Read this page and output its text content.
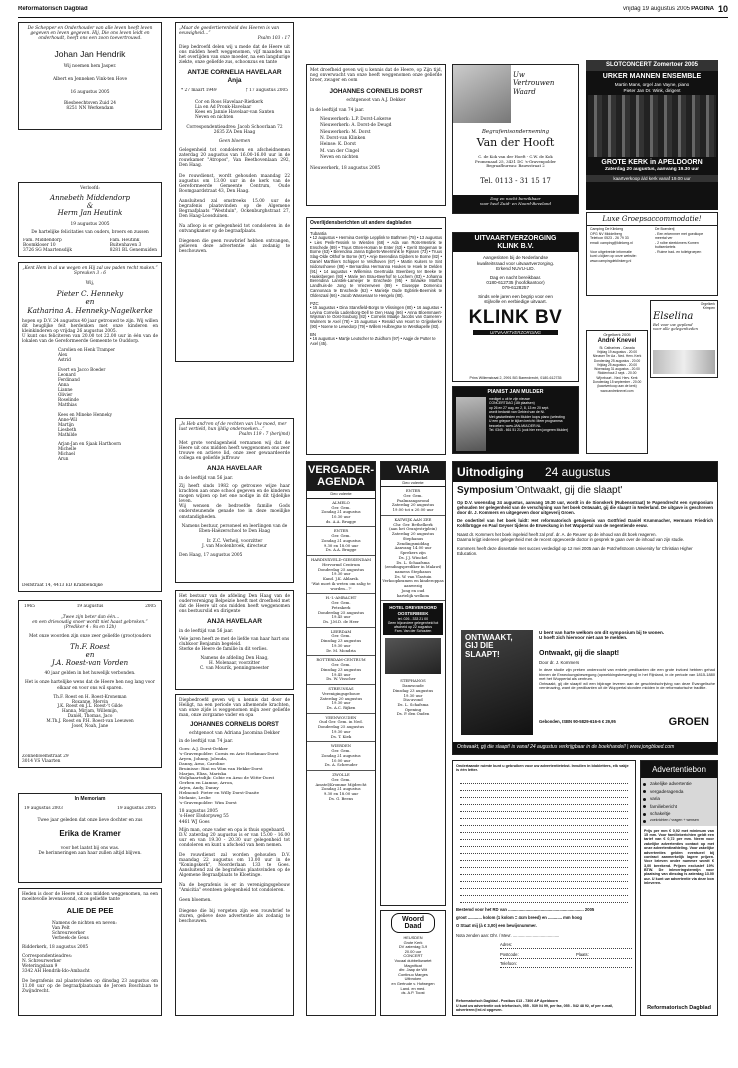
Reformatorisch Dagblad	vrijdag 19 augustus 2005 PAGINA 10
De Schepper en Onderhouder van alle leven heeft leven gegeven en leven gegeven. Hij, Die ons leven leidt en onderhoudt, heeft ons een zoon toevertrouwd.
Johan Jan Hendrik
Wij noemen hem Jasper.
Albert en Jenneken Vink-ten Hove
16 augustus 2005
Biesbeechtsven Zuid 24
8251 NN Werkendam
Verloofd:
Annebeth Middendorp
&
Herm Jan Heutink
19 augustus 2005
De hartelijke felicitaties van ouders, broers en zussen
Fam. Middendorp
Boomkloser 10
3726 SG Maartensdijk
Fam. Heutink
Buitenhaven 3
8281 BL Genemuiden
„Kent Hem in al uw wegen en Hij zal uw paden recht maken.” Spreuken 3 : 6
Wij,
Pieter C. Henneky
en
Katharina A. Henneky-Nagelkerke
hopen op D.V. 24 augustus 40 jaar getrouwd te zijn. Wij willen dit heuglijke feit herdenken met onze kinderen en kleinkinderen op vrijdag 26 augustus 2005.
U kunt ons feliciteren van 20.00 tot 22.00 uur in één van de lokalen van de Gereformeerde Gemeente te Ouddorp.
Carolien en Henk Tramper
Alex
Astrid

Evert en Jacco Boeder
Leonard
Ferdinand
Anna
Lianne
Olivier
Roselinde
Matthias

Kees en Mineke Henneky
Anne-Wil
Martijn
Liesbeth
Mathilde

Arjan-Jan en Sjaak Harthoorn
Michelle
Michael
Arun
Delfstraat 14, 4413 ED Krabbendijke
1965	19 augustus	2005
„Twee zijn beter dan één…
en een drievoudig snoer wordt niet haast gebroken.” (Prediker 4 : 9a en 12b)
Met onze woorden zijn onze zeer geliefde (groot)ouders
Th.F. Roest
en
J.A. Roest-van Vorden
40 jaar gelden in het huwelijk verbonden.
Het is onze hartelijke wens dat de Heere hen nog lang voor elkaar en voor ons wil sparen.
Th.F. Roest en H. Roest-Kroneman
Roxanne, Mervin
J.K. Roest en J.L. Roest-'t Gilde
Hanna, Mirjam, Willemijn,
Daniël, Thomas, Jaco
M.Th.J. Roest en P.H. Roest-van Leeuwen
Josef, Noah, Jane
Zonnebloemstraat 29
3014 VS Vlaarten
In Memoriam
19 augustus 2003	19 augustus 2005
Twee jaar geleden dat onze lieve dochter en zus
Erika de Kramer
voor het laatst bij ons was.
De herinneringen aan haar zullen altijd blijven.
Heden is door de Heere uit ons midden weggenomen, na een moeitevolle levensavond, onze geliefde tante
ALIE DE PEE
Namens de nichten en neven:
Van Pelt
Schreurwerker
Verbeek-de Geus
Ridderkerk, 18 augustus 2005
Correspondentieadres:
N. Schreurwerker
Weteringslaan 9
3342 AH Hendrik-Ido-Ambacht
De begrafenis zal plaatsvinden op dinsdag 23 augustus om 11.00 uur op de begraafplaatsaan de Jeroen Boschlaan te Zwijndrecht.
„Maar de goedertierenheid des Heeren is van eeuwigheid…”
Psalm 103 : 17
Diep bedroefd delen wij u mede dat de Heere uit ons midden heeft weggenomen, vijf maanden na het overlijden van onze moeder, na een langdurige ziekte, onze geliefde zus, schoonzus en tante
ANTJE CORNELIA HAVELAAR
Anja
* 27 maart 1949	† 17 augustus 2005
Cor en Roos Havelaar-Rietkerk
Lia en Ad Pronk-Havelaar
Kees en Jannie Havelaar-van Santen
Neven en nichten
Correspondentieadres: Jacob Schoorlaan 72
2635 ZA Den Haag
Geen bloemen
Gelegenheid tot condoleren en afscheidnemen zaterdag 20 augustus van 16.00-16.00 uur in de rouwkamer "Atropos", Van Beethovenlaan 292, Den Haag.

De rouwdienst, wordt gehouden maandag 22 augustus om 13.00 uur in de kerk van de Gereformeerde Gemeente Centrum, Oude Boomgaardstraat 43, Den Haag.

Aansluitend zal omstreeks 15.00 uur de begrafenis plaatsvinden op de Algemene Begraafplaats "Westduin", Ockenburghstraat 27, Den Haag-Loosduinen.

Na afloop is er gelegenheid tot condoleren in de ontvangkamer op de begraafplaats.

Diegenen die geen rouwbrief hebben ontvangen, gelieven deze advertentie als zodanig te beschouwen.
„Is Heb and'ren of de rechten van Uw moed, mer lust vertield, hun ijldig ondersoeken…”
Psalm 119 : 7 (berijmd)
Met grote verslagenheid vernamen wij dat de Heere uit ons midden heeft weggenomen ons zeer trouwe en actieve lid, onze zeer gewaardeerde collega en geliefde juffrouw
ANJA HAVELAAR
in de leeftijd van 56 jaar.
Zij heeft sinds 1982 op getrouwe wijze haar krachten aan onze school gegeven en de kinderen mogen wijzen op het ene nodige in dit tijdelijke leven.
Wij wensen de bedroefde familie Gods ondersteunende genade toe in deze moeilijke omstandigheden.
Namens bestuur, personeel en leerlingen van de Eben-Haëzerschool te Den Haag

Ir. Z.C. Verheij, voorzitter
J. van Moolenbroek, directeur
Den Haag, 17 augustus 2005
Het bestuur van de afdeling Den Haag van de ouderverenigng Belpeizie heeft met droefheid met dat de Heere uit ons midden heeft weggenomen ons bestuurslid en dirigente
ANJA HAVELAAR
in de leeftijd van 56 jaar.
Vele jaren heeft ze met de liefde van haar hart ons clubkoor Benjamin begeleid.
Sterke de Heere de familie in dit verlies.
Namens de afdeling Den Haag,
H. Molenaar, voorzitter
C. van Mourik, penningmeester
Diepbedroefd geven wij u kennis dat door de Heiligt, na een periode van afnemende krachten, van onze zijde is weggenomen mijn zeer geliefde man, onze zorgzame vader en opa
JOHANNES CORNELIS DORST
echtgenoot van Adriana Jacomina Dekker
in de leeftijd van 74 jaar.
Goes: A.J. Dorst-Dekker
's-Gravenpolder: Cornis en Arie Hoekman-Dorst
Aryen, Johnny, Jolenda,
Danny, Arno, Caroline
Bruinisse: Rini en Wim van Hekke-Dorst
Marjan, Eliza, Mariska
Wolphaartsdijk: Cobie en Arno de Witte-Dorst
Gerben en Liamne, Arron,
Arjen, Andy, Danny
Helmond: Pieter en Willy Dorst-Duaite
Melanie, Leslie
's-Gravenpolder: Wim Dorst
18 augustus 2005
's-Heer Elsdorpweg 55
4461 WJ Goes
Mijn man, onze vader en opa is thuis opgebaard.
D.V. zaterdag 20 augustus is er van 15.00 - 16.00 uur en van 19.30 - 20.30 uur gelegenheid tot condoleren en kunt u afscheid van hem nemen.

De rouwdienst zal worden gehouden D.V. maandag 22 augustus om 13.00 uur in de "Koningskerk", Noorderlaan 133 te Goes. Aansluitend zal de begrafenis plaatsvinden op de Algemene Begraafplaats te Kloetinge.

Na de begrafenis is er in verenigingsgebouw "Amicitia" eventeen gelegenheid tot condoleren.

Geen bloemen.

Diegene die bij vergeten zijn een rouwbrief te sturen, gelieve deze advertentie als zodanig te beschouwen.
Met droefheid geven wij u kennis dat de Heere, op Zijn tijd, nog onverwacht van onze heeft weggenomen onze geliefde broer, zwager en oom
JOHANNES CORNELIS DORST
echtgenoot van A.J. Dekker
in de leeftijd van 74 jaar.
Nieuwerkerk: L.P. Dorst-Lokerse
Nieuwerkerk: A. Dorst-de Deugd
Nieuwerkerk: M. Dorst
N. Dorst-van Klinken
Heinse: K. Dorst
M. van der Cingel
Neven en nichten
Nieuwerkerk, 18 augustus 2005
Overlijdensberichten uit andere dagbladen
Tubantia
• 12 augustus • Hermina Gerritje Lepplink te Bathmen (78) • 13 augustus • Lies Perik-Tessink te Wierden (68) • Ada van Rots-Mentink te Enschede (89) • Truus Otten-Homan te Enter (63) • Gerrit Stegeman te Borne (63) • Berendina Janna Egberts-Weermink te Rijssen (73) • Truus Slag-Olde Olthof te Borne (67) • Anje Berendina Gijsbers te Borne (82) • Daniël Marthiers Schipper te Veldhoven (67) • Martin Kuiters te Sint Isidorushoeve (88) • Bernardina Hermanna Houkes te Hoek te Delden (91) • 14 augustus • Willemina Geertruida Steenberg ter Beeke te Haaksbergen (93) • Marie ten Brau-Beerhof te Lochem (83) • Johanna Berendina Lanstek-Lameijer te Enschede (95) • Sinawke Martha Landhuis-de Jong te Vriezenveen (89) • Giuseppe Domenico Cannonaca te Enschede (62) • Marietje Oude Egbrink-Beernink te Oldenzaal (66) • Jacob Wassenaar te Hengelo (80).
PZC
• 15 augustus • Dina Stansfield-Borgs te Vlissingen (80) • 16 augustus • Levina Cornelia Ladenborg-Dell te Den Haag (66) • Anna Bloemmaert-Wijsman te Oost-Souburg (82) • Cornelis Maatje Jacobs van Gameren-Wulmers te Axel (78) • 15 augustus • Renald van Hoort te Grijpskerke (90) • Noene te Lewedorp (79) • Willem Hulbregtse te Westkapelle (83).
BN
• 16 augustus • Martje Leutscher te Zuidhorn (97) • Aagje de Putter te Axel (45).
VERGADER-AGENDA
Deo volente
ALMELO
Ger. Gem.
Zondag 21 augustus
10.30 uur
ds. A.A. Brugge
ENTER
Ger. Gem.
Zondag 21 augustus
9.30 en 18.00 uur
Ds. A.A. Brugge
HARDINXVELD-GIESSENDAM
Hervormd Centrum
Donderdag 25 augustus
19.30 uur
Kand. J.K. Ablarsk.
'Wat moet ik weten om zalig te worden...?'
H.-I.-AMBACHT
Ger. Gem.
Petrakerk
Donderdag 25 augustus
19.45 uur
Ds. J.M.D. de Heer
LEERDAM
Ger. Gem.
Dinsdag 23 augustus
19.30 uur
Dr. M. Mondria
ROTTERDAM-CENTRUM
Ger. Gem.
Dinsdag 23 augustus
19.45 uur
Ds. W. Visscher
STREUNSAS
Verenigingsgebouw
Zaterdag 20 augustus
19.30 uur
Ds. A.C. Rijken
VEENWOUDEN
Oud Ger. Gem. in Ned.
Donderdag 25 augustus
19.30 uur
Ds. T. Kiek
WIERDEN
Ger. Gem.
Zondag 21 augustus
10.00 uur
Ds. A. Schreuder
ZWOLLE
Ger. Gem.
Amstel/Kromme Mijdrecht
Zondag 21 augustus
9.30 en 18.00 uur
Ds. G. Beens
Woord
Daad
HEUSDEN
Grote Kerk
DV zaterdag 3-9
20.00 uur
CONCERT
Vocaal dubbelkwartet
Magnificat
dhr. Jaap de Wit
Continuo Marges
Uitbroken
en Gertrude v. Hofwegen
Land. en med.
ds. A.P. Toost
Uw
Vertrouwen
Waard
Begrafenisonderneming
Van der Hooft
C. de Kok van der Hoeft - C.W. de Kok
Promenaad 25, 3431 DC 's-Gravenpolder
Begraafbureau: Bauwstraat 2
Tel. 0113 - 31 15 17
Dag en nacht bereikbaar
voor heel Zuid- en Noord-Beveland
UITVAARTVERZORGING
KLINK B.V.
Aangesloten bij de Nederlandse
kwaliteitsraad voor uitvaartverzorging.
Erkend NUVU-LID.
Dag en nacht bereikbaar.
0180-612735 (hoofdkantoor)
079-6128257
Sinds vele jaren een begrip voor een
stijlvolle en eerbiedige uitvaart.
KLINK BV
UITVAARTVERZORGING
Prins Willemstraat 2, 2991 BG Barendrecht, 0180-612735
PIANIST JAN MULDER
mediget u uit te zijn nieuwe
CONCERTDAG (18t plaatsen)
op 26 en 27 aug. en 2, 8, 13 en 20 sept.
wordt bedankt van Gebied van de Ni.
Met gastartiesten en Mulder loops piano (selecting
U een griepce te kijken bericht: Meer programma
bezoeken: www.JAN-MULDER.NL
Tel. 0345 - 661 51 21 (ook hier een jongeren Mulder)
VARIA
Deo volente
ENTER
Ger. Gem.
Psalmzangavond
Zaterdag 20 augustus
19.00 tot x 20.00 uur
KATWIJK AAN ZEE
Chr. Ger. Bethelkerk
(aan het Oranjestrjplein)
Zaterdag 20 augustus
Stephanus
Zendingsmiddag
Aanvang 14.00 uur
Sprekers zijn
Ds. J.J. Winckel
Ds. L. Schaafsma
(zendingsprediker in Malawi)
namens Stephanos
Ds. W. van Vlastuin
Verkoopkramen en kinderoppas
aanwezig
Jong en oud
hartelijk welkom
HOTEL DREVEROORD
OOSTERBEEK
tel. 026 - 333 21 00
Geen bijzondere gelegenheid tot afscheid op 22 augustus
Fam. Van der Schouten
STEPHANOS
Damwoude
Dinsdag 23 augustus
19.30 uur
Dia-avond
Ds. L. Schafsma
Opening
Ds. P. den Ouden
SLOTCONCERT Zomertoer 2005
URKER MANNEN ENSEMBLE
Martin Mans, orgel Jan Vayne, piano
Pieter Jan Dr. Wink, dirigent
GROTE KERK in APELDOORN
Zaterdag 20 augustus, aanvang 19.30 uur
kaartverkoop à/d kerk vanaf 19.00 uur
Luxe Groepsaccommodatie!
Camping De Klinkerg
OPG NV Middelberg
Telefoon 0523 - 26 79 33
email: camping@klinkerg.nl

Voor uitgebreide informatie
kunt u kijken op onze website:
www.campingdeklinkerg.nl
De Boerderij
- Een erkennner met goedkope
meertal ver
- 2 rolbe steekkmers Komen
buitsenketels
- Ruime bad- en toiletgroepen
Orgelkerk
Krimpen
Elselina
Bel voor uw gepland
voor alle gelegenheden
Orgelkerk 2005
André Knevel
St. Catharines - Canada
Vrijdag 19 augustus - 20.00
Nieuwer Ter Aa - Ned. Herv. Kerk
Donderdag 25 augustus - 20.00
Vrijdag 25 augustus - 20.00
Woensdag 31 augustus - 20.00
Riddenhout 2 sept. - 20.00
Wijnrbuurt - Ned. Herv. Kerk
Donderdag 15 september - 20.00
(kaartverkoop aan de kerk)
www.andreknevel.com
Uitnodiging 24 augustus
Symposium 'Ontwaakt, gij die slaapt'
Op D.V. woensdag 24 augustus, aanvang 19.30 uur, wordt in de Sionskerk (Rubensstraat) te Papendrecht een symposium gehouden ter gelegenheid van de verschijning van het boek Ontwaakt, gij die slaapt! in Nederland. De uitgave is geschreven door dr. J. Kommers en uitgegeven door uitgeverij Groen.
De ondertitel van het boek luidt: Het reformatorisch getuigenis van Gottfried Daniël Krummacher, Hermann Friedrich Kohlbrügge en Paul Geyser tijdens de Erweckung in het Wuppertal van de negentiende eeuw.
Naast dr. Kommers het boek ingeleid heeft zal prof. dr. A. de Reuver op de inhoud van dit boek reageren.
Daarna krijgt iedereen gelegenheid met de recent opgevoerde doctor in gesprek te gaan over de inhoud van zijn studie.
Kommers heeft deze dissertatie met succes verdedigd op 12 mei 2005 aan de Potchefstroom University for Christian Higher Education.
ONTWAAKT,
GIJ DIE SLAAPT!
U bent van harte welkom om dit symposium bij te wonen.
U hoeft zich hiervoor niet aan te melden.
Ontwaakt, gij die slaapt!
Door dr. J. Kommers
In deze studie zijn preken onderzocht van enkele predikanten die een grote invloed hebben gehad binnen de Erweckungsbewegung (opwekkingsbeweging) in het Rijnland, in de periode van 1815-1880 met het Wuppertal als centrum.
Ontwaakt, gij die slaapt! wil een bijdrage leveren aan de geschiedschrijving van deze Evangelische vernieuwing, want de predikanten uit de Wuppertal stonden midden in de reformatorische traditie.
Gebonden, ISBN 90-5829-616-6 € 29,95	GROEN
Ontwaakt, gij die slaapt! is vanaf 24 augustus verkrijgbaar in de boekhandel! | www.jongbloed.com
Ondertaande ruimte kunt u gebruiken voor uw advertentietekst. Invullen in blokletters, elk vakje is één letter.
Bestemd voor het RD van ................................................................. 2005
groot ............ kolom (1 kolom = 4cm breed) en ............ mm hoog
O Staat mij (à € 3,00) een bewijsnummer.
Nota zenden aan: Dhr. / Mevr. ........................................
Adres:
Postcode:	Plaats:
Telefoon:
Reformatorisch Dagblad - Postbus 613 - 7300 AP Apeldoorn
U kunt uw advertentie ook telefonisch, 055 - 539 04 99, per fax, 055 - 542 48 92, of per e-mail, adverteren@rd.nl opgeven.
Advertentiebon
zakelijke advertentie
vergaderagenda
varia
familiebericht
schakeltje
zoekrichten / vragen + wensen
Prijs per mm € 0,92 met minimum van 15 mm. Voor familieberichten geldt een tarief van € 0,72 per mm. Neem voor zakelijke advertenties contact op met onze advertentieafdeling. Voor zakelijke advertenties gelden eventueel bij contract aanmerkelijk lagere prijzen. Voor brieven onder nummer wordt € 3,00 berekend. Prijzen exclusief 19% BTW. De inleveringstermijn voor plaatsing van dinsdag is zaterdag 13.00 uur. U kunt uw advertentie via deze bon inleveren.
Reformatorisch Dagblad
